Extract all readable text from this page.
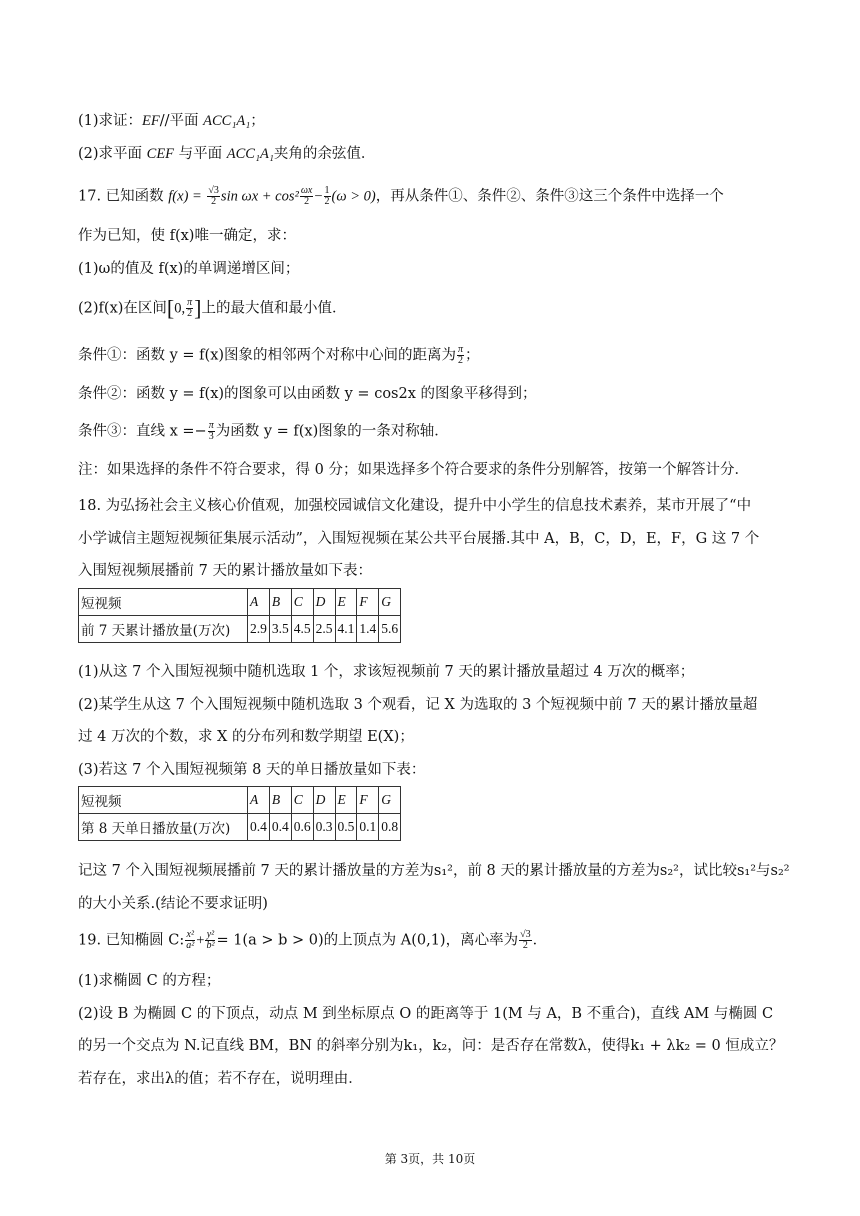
(1)求证：EF//平面 ACC₁A₁；
(2)求平面 CEF 与平面 ACC₁A₁夹角的余弦值．
17. 已知函数 $f(x) = \frac{√3}{2}$ $\sin \omega x + \cos^2 \frac{\omega x}{2} - \frac{1}{2} (\omega > 0)$，再从条件①、条件②、条件③这三个条件中选择一个
作为已知，使 f(x)唯一确定，求：
(1)ω的值及 f(x)的单调递增区间；
(2)f(x)在区间[0, $\frac{\pi}{2}$ ]上的最大值和最小值．
条件①：函数 y = f(x)图象的相邻两个对称中心间的距离为 $\frac{\pi}{2}$ ；
条件②：函数 y = f(x)的图象可以由函数 y = cos2x 的图象平移得到；
条件③：直线 $x =- \frac{\pi}{3}$ 为函数 y = f(x)图象的一条对称轴．
注：如果选择的条件不符合要求，得 0 分；如果选择多个符合要求的条件分别解答，按第一个解答计分．
18. 为弘扬社会主义核心价值观，加强校园诚信文化建设，提升中小学生的信息技术素养，某市开展了“中
小学诚信主题短视频征集展示活动”，入围短视频在某公共平台展播.其中 A，B，C，D，E，F，G 这 7 个
入围短视频展播前 7 天的累计播放量如下表：
短视频	A	B	C	D	E	F	G
前 7 天累计播放量(万次)	2.9	3.5	4.5	2.5	4.1	1.4	5.6
(1)从这 7 个入围短视频中随机选取 1 个，求该短视频前 7 天的累计播放量超过 4 万次的概率；
(2)某学生从这 7 个入围短视频中随机选取 3 个观看，记 X 为选取的 3 个短视频中前 7 天的累计播放量超
过 4 万次的个数，求 X 的分布列和数学期望 E(X)；
(3)若这 7 个入围短视频第 8 天的单日播放量如下表：
短视频	A	B	C	D	E	F	G
第 8 天单日播放量(万次)	0.4	0.4	0.6	0.3	0.5	0.1	0.8
记这 7 个入围短视频展播前 7 天的累计播放量的方差为s₁²，前 8 天的累计播放量的方差为s₂²，试比较s₁²与s₂²
的大小关系.(结论不要求证明)
19. 已知椭圆 C: $\frac{\text{x²}}{\text{a²}} + \frac{\text{y²}}{\text{b²}} = 1(a > b > 0)$的上顶点为 A(0,1)，离心率为 $\frac{√3}{2}$ ．
(1)求椭圆 C 的方程；
(2)设 B 为椭圆 C 的下顶点，动点 M 到坐标原点 O 的距离等于 1(M 与 A，B 不重合)，直线 AM 与椭圆 C
的另一个交点为 N.记直线 BM，BN 的斜率分别为k₁，k₂，问：是否存在常数λ，使得k₁ + λk₂ = 0 恒成立？
若存在，求出λ的值；若不存在，说明理由．
第 3页，共 10页
